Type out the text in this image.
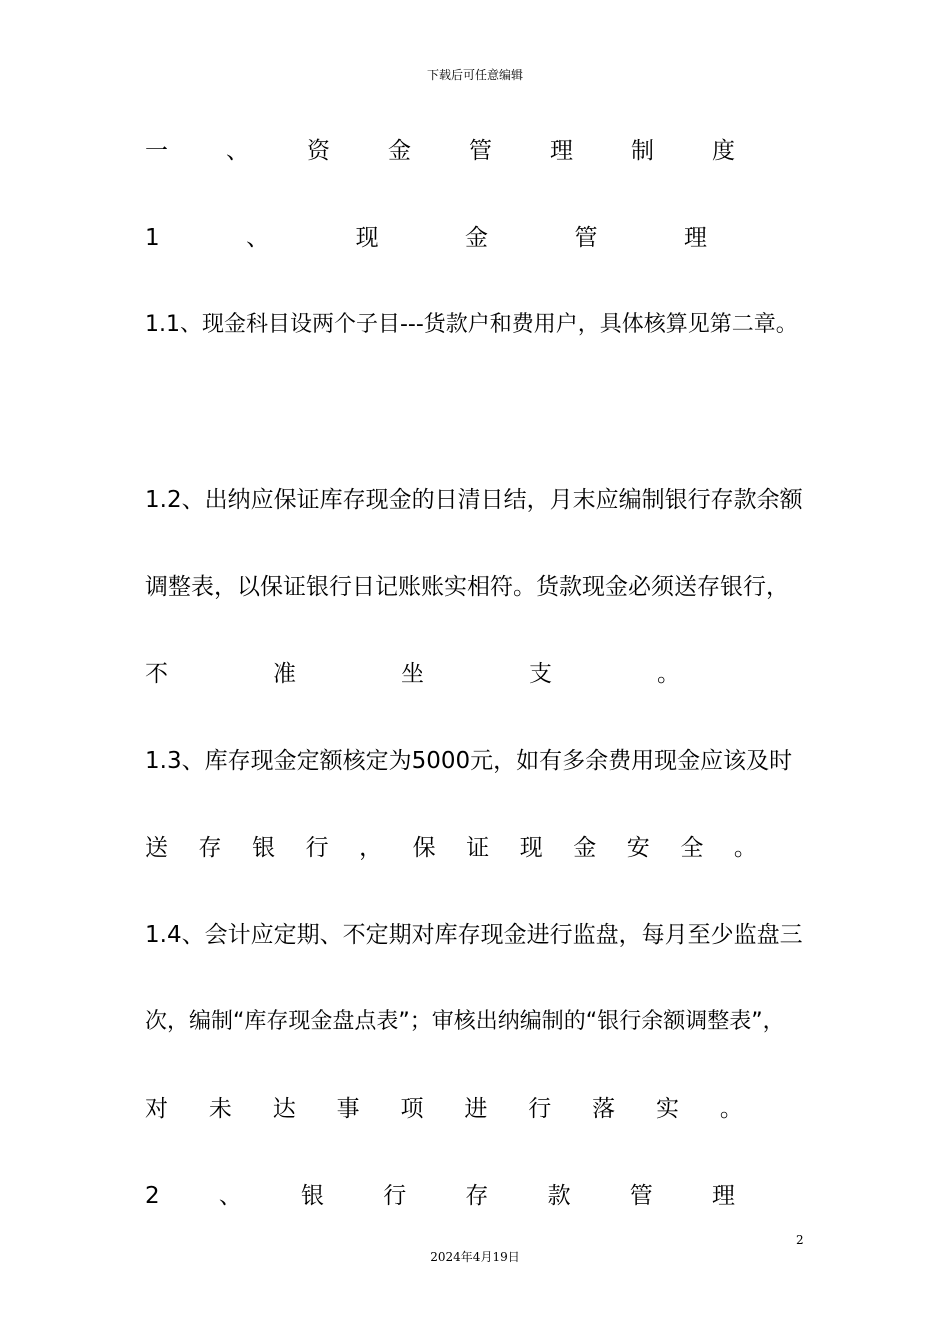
下载后可任意编辑
一	、	资	金	管	理	制	度
1	、	现	金	管	理
1.1、现金科目设两个子目---货款户和费用户，具体核算见第二章。
1.2、出纳应保证库存现金的日清日结，月末应编制银行存款余额
调整表，以保证银行日记账账实相符。货款现金必须送存银行，
不	准	坐	支	。
1.3、库存现金定额核定为5000元，如有多余费用现金应该及时
送 存 银 行 ， 保 证 现 金 安 全 。
1.4、会计应定期、不定期对库存现金进行监盘，每月至少监盘三
次，编制“库存现金盘点表”；审核出纳编制的“银行余额调整表”，
对 未 达 事 项 进 行 落 实 。
2	、	银	行	存	款	管	理
2
2024年4月19日
